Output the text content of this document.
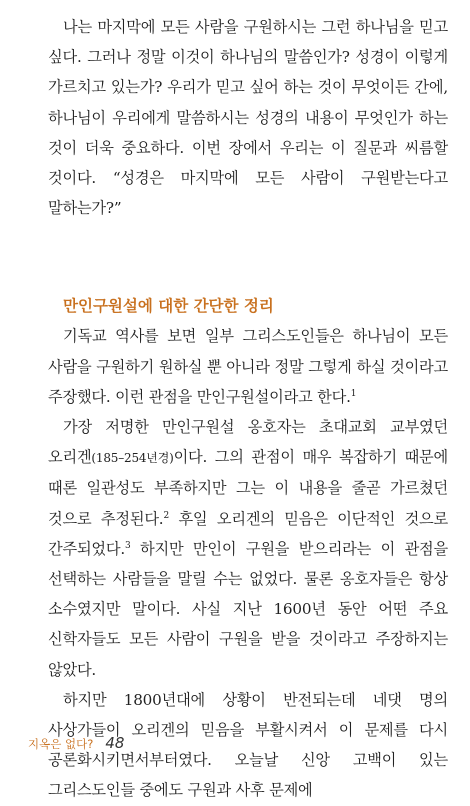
나는 마지막에 모든 사람을 구원하시는 그런 하나님을 믿고 싶다. 그러나 정말 이것이 하나님의 말씀인가? 성경이 이렇게 가르치고 있는가? 우리가 믿고 싶어 하는 것이 무엇이든 간에, 하나님이 우리에게 말씀하시는 성경의 내용이 무엇인가 하는 것이 더욱 중요하다. 이번 장에서 우리는 이 질문과 씨름할 것이다. “성경은 마지막에 모든 사람이 구원받는다고 말하는가?”

만인구원설에 대한 간단한 정리

기독교 역사를 보면 일부 그리스도인들은 하나님이 모든 사람을 구원하기 원하실 뿐 아니라 정말 그렇게 하실 것이라고 주장했다. 이런 관점을 만인구원설이라고 한다.$^1$

가장 저명한 만인구원설 옹호자는 초대교회 교부였던 오리겐(185–254년경)이다. 그의 관점이 매우 복잡하기 때문에 때론 일관성도 부족하지만 그는 이 내용을 줄곧 가르쳤던 것으로 추정된다.$^2$ 후일 오리겐의 믿음은 이단적인 것으로 간주되었다.$^3$ 하지만 만인이 구원을 받으리라는 이 관점을 선택하는 사람들을 말릴 수는 없었다. 물론 옹호자들은 항상 소수였지만 말이다. 사실 지난 1600년 동안 어떤 주요 신학자들도 모든 사람이 구원을 받을 것이라고 주장하지는 않았다.

하지만 1800년대에 상황이 반전되는데 네댓 명의 사상가들이 오리겐의 믿음을 부활시켜서 이 문제를 다시 공론화시키면서부터였다. 오늘날 신앙 고백이 있는 그리스도인들 중에도 구원과 사후 문제에

지옥은 없다? 48
